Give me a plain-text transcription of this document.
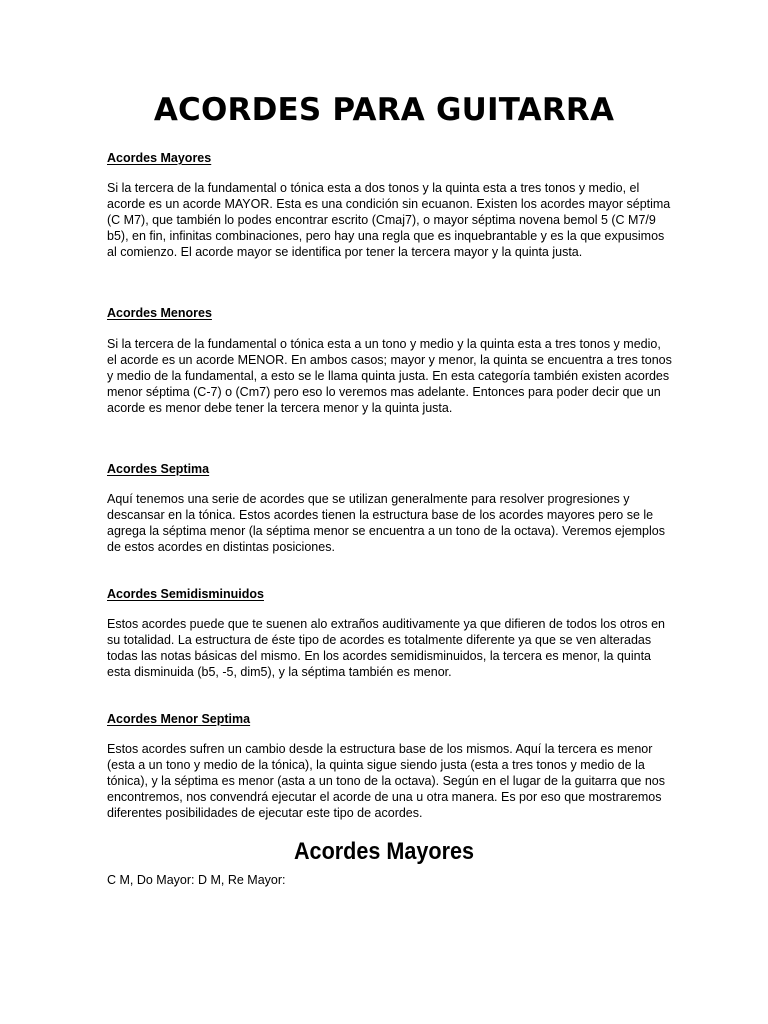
ACORDES PARA GUITARRA
Acordes Mayores

Si la tercera de la fundamental o tónica esta a dos tonos y la quinta esta a tres tonos y medio, el acorde es un acorde MAYOR. Esta es una condición sin ecuanon. Existen los acordes mayor séptima (C M7), que también lo podes encontrar escrito (Cmaj7), o mayor séptima novena bemol 5 (C M7/9 b5), en fin, infinitas combinaciones, pero hay una regla que es inquebrantable y es la que expusimos al comienzo. El acorde mayor se identifica por tener la tercera mayor y la quinta justa.

Acordes Menores

Si la tercera de la fundamental o tónica esta a un tono y medio y la quinta esta a tres tonos y medio, el acorde es un acorde MENOR. En ambos casos; mayor y menor, la quinta se encuentra a tres tonos y medio de la fundamental, a esto se le llama quinta justa. En esta categoría también existen acordes menor séptima (C-7) o (Cm7) pero eso lo veremos mas adelante. Entonces para poder decir que un acorde es menor debe tener la tercera menor y la quinta justa.

Acordes Septima

Aquí tenemos una serie de acordes que se utilizan generalmente para resolver progresiones y descansar en la tónica. Estos acordes tienen la estructura base de los acordes mayores pero se le agrega la séptima menor (la séptima menor se encuentra a un tono de la octava). Veremos ejemplos de estos acordes en distintas posiciones.

Acordes Semidisminuidos

Estos acordes puede que te suenen alo extraños auditivamente ya que difieren de todos los otros en su totalidad. La estructura de éste tipo de acordes es totalmente diferente ya que se ven alteradas todas las notas básicas del mismo. En los acordes semidisminuidos, la tercera es menor, la quinta esta disminuida (b5, -5, dim5), y la séptima también es menor.

Acordes Menor Septima

Estos acordes sufren un cambio desde la estructura base de los mismos. Aquí la tercera es menor (esta a un tono y medio de la tónica), la quinta sigue siendo justa (esta a tres tonos y medio de la tónica), y la séptima es menor (asta a un tono de la octava). Según en el lugar de la guitarra que nos encontremos, nos convendrá ejecutar el acorde de una u otra manera. Es por eso que mostraremos diferentes posibilidades de ejecutar este tipo de acordes.

Acordes Mayores

C M, Do Mayor: D M, Re Mayor:
